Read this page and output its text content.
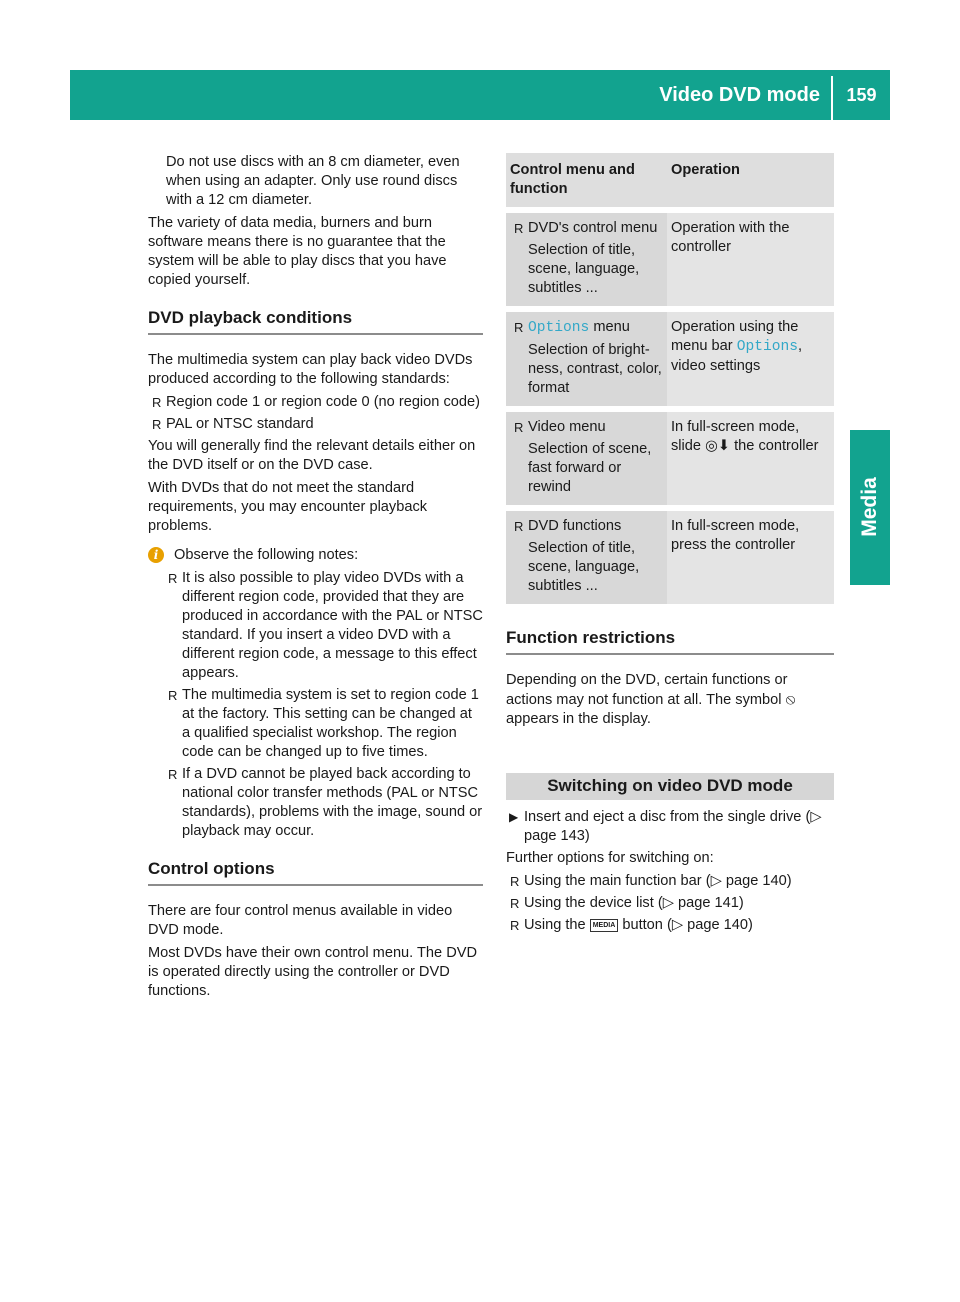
Video DVD mode	159
Media

Do not use discs with an 8 cm diameter, even when using an adapter. Only use round discs with a 12 cm diameter.

The variety of data media, burners and burn software means there is no guarantee that the system will be able to play discs that you have copied yourself.

DVD playback conditions

The multimedia system can play back video DVDs produced according to the following standards:

R Region code 1 or region code 0 (no region code)
R PAL or NTSC standard

You will generally find the relevant details either on the DVD itself or on the DVD case.

With DVDs that do not meet the standard requirements, you may encounter playback problems.

i	Observe the following notes:
R It is also possible to play video DVDs with a different region code, provided that they are produced in accordance with the PAL or NTSC standard. If you insert a video DVD with a different region code, a message to this effect appears.
R The multimedia system is set to region code 1 at the factory. This setting can be changed at a qualified specialist workshop. The region code can be changed up to five times.
R If a DVD cannot be played back according to national color transfer methods (PAL or NTSC standards), problems with the image, sound or playback may occur.
Control options

There are four control menus available in video DVD mode.

Most DVDs have their own control menu. The DVD is operated directly using the controller or DVD functions.

Control menu and function	Operation

R DVD's control menu
Selection of title, scene, language, subtitles ...	Operation with the controller

R Options menu
Selection of brightness, contrast, color, format	Operation using the menu bar Options, video settings

R Video menu
Selection of scene, fast forward or rewind	In full-screen mode, slide ◎⬇ the controller

R DVD functions
Selection of title, scene, language, subtitles ...	In full-screen mode, press the controller
Function restrictions

Depending on the DVD, certain functions or actions may not function at all. The symbol ⦸ appears in the display.

Switching on video DVD mode
▶ Insert and eject a disc from the single drive (▷ page 143)

Further options for switching on:

R Using the main function bar (▷ page 140)
R Using the device list (▷ page 141)
R Using the MEDIA button (▷ page 140)
